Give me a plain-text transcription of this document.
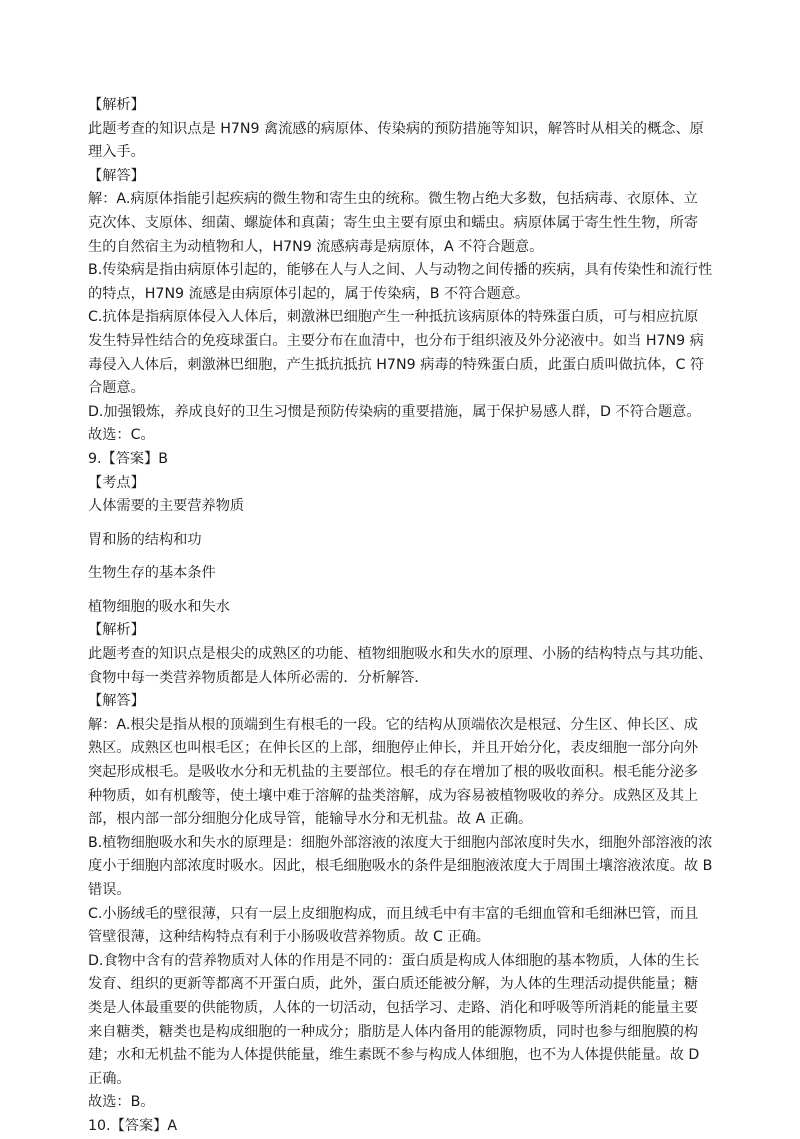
【解析】
此题考查的知识点是 H7N9 禽流感的病原体、传染病的预防措施等知识，解答时从相关的概念、原
理入手。
【解答】
解：A.病原体指能引起疾病的微生物和寄生虫的统称。微生物占绝大多数，包括病毒、衣原体、立
克次体、支原体、细菌、螺旋体和真菌；寄生虫主要有原虫和蠕虫。病原体属于寄生性生物，所寄
生的自然宿主为动植物和人，H7N9 流感病毒是病原体，A 不符合题意。
B.传染病是指由病原体引起的，能够在人与人之间、人与动物之间传播的疾病，具有传染性和流行性
的特点，H7N9 流感是由病原体引起的，属于传染病，B 不符合题意。
C.抗体是指病原体侵入人体后，刺激淋巴细胞产生一种抵抗该病原体的特殊蛋白质，可与相应抗原
发生特异性结合的免疫球蛋白。主要分布在血清中，也分布于组织液及外分泌液中。如当 H7N9 病
毒侵入人体后，刺激淋巴细胞，产生抵抗抵抗 H7N9 病毒的特殊蛋白质，此蛋白质叫做抗体，C 符
合题意。
D.加强锻炼，养成良好的卫生习惯是预防传染病的重要措施，属于保护易感人群，D 不符合题意。
故选：C。
9.【答案】B
【考点】
人体需要的主要营养物质
胃和肠的结构和功
生物生存的基本条件
植物细胞的吸水和失水
【解析】
此题考查的知识点是根尖的成熟区的功能、植物细胞吸水和失水的原理、小肠的结构特点与其功能、
食物中每一类营养物质都是人体所必需的．分析解答．
【解答】
解：A.根尖是指从根的顶端到生有根毛的一段。它的结构从顶端依次是根冠、分生区、伸长区、成
熟区。成熟区也叫根毛区；在伸长区的上部，细胞停止伸长，并且开始分化，表皮细胞一部分向外
突起形成根毛。是吸收水分和无机盐的主要部位。根毛的存在增加了根的吸收面积。根毛能分泌多
种物质，如有机酸等，使土壤中难于溶解的盐类溶解，成为容易被植物吸收的养分。成熟区及其上
部，根内部一部分细胞分化成导管，能输导水分和无机盐。故 A 正确。
B.植物细胞吸水和失水的原理是：细胞外部溶液的浓度大于细胞内部浓度时失水，细胞外部溶液的浓
度小于细胞内部浓度时吸水。因此，根毛细胞吸水的条件是细胞液浓度大于周围土壤溶液浓度。故 B
错误。
C.小肠绒毛的壁很薄，只有一层上皮细胞构成，而且绒毛中有丰富的毛细血管和毛细淋巴管，而且
管壁很薄，这种结构特点有利于小肠吸收营养物质。故 C 正确。
D.食物中含有的营养物质对人体的作用是不同的：蛋白质是构成人体细胞的基本物质，人体的生长
发育、组织的更新等都离不开蛋白质，此外，蛋白质还能被分解，为人体的生理活动提供能量；糖
类是人体最重要的供能物质，人体的一切活动，包括学习、走路、消化和呼吸等所消耗的能量主要
来自糖类，糖类也是构成细胞的一种成分；脂肪是人体内备用的能源物质，同时也参与细胞膜的构
建；水和无机盐不能为人体提供能量，维生素既不参与构成人体细胞，也不为人体提供能量。故 D
正确。
故选：B。
10.【答案】A
